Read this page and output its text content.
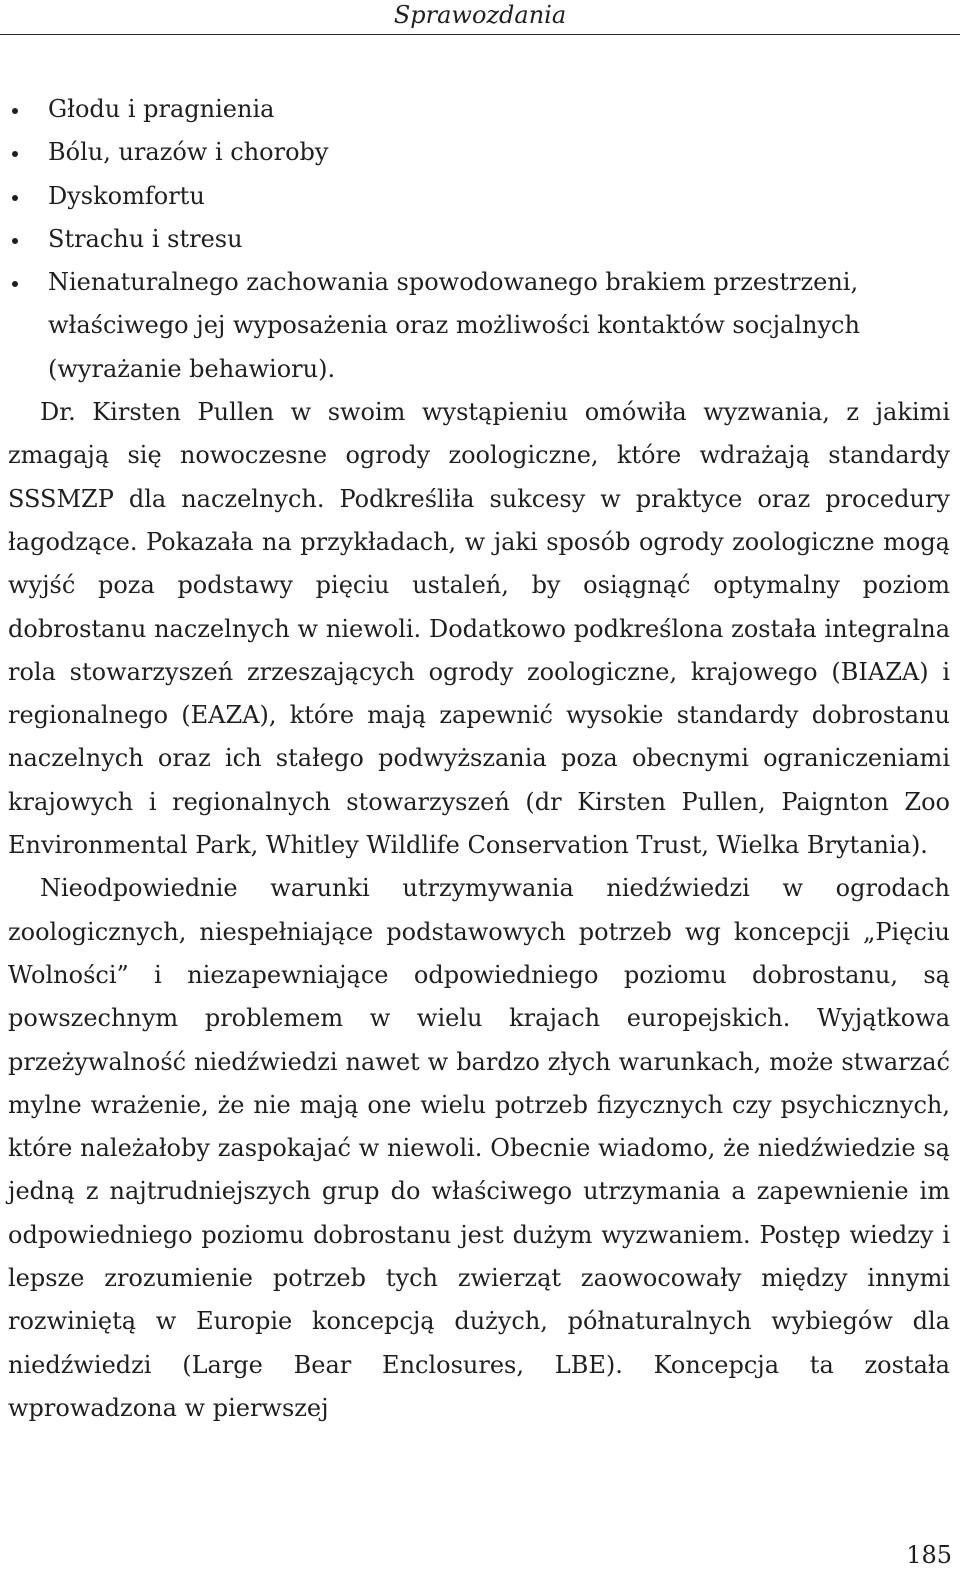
Sprawozdania
Głodu i pragnienia
Bólu, urazów i choroby
Dyskomfortu
Strachu i stresu
Nienaturalnego zachowania spowodowanego brakiem przestrzeni, właściwego jej wyposażenia oraz możliwości kontaktów socjalnych (wyrażanie behawioru).

Dr. Kirsten Pullen w swoim wystąpieniu omówiła wyzwania, z jakimi zmagają się nowoczesne ogrody zoologiczne, które wdrażają standardy SSSMZP dla naczelnych. Podkreśliła sukcesy w praktyce oraz procedury łagodzące. Pokazała na przykładach, w jaki sposób ogrody zoologiczne mogą wyjść poza podstawy pięciu ustaleń, by osiągnąć optymalny poziom dobrostanu naczelnych w niewoli. Dodatkowo podkreślona została integralna rola stowarzyszeń zrzeszających ogrody zoologiczne, krajowego (BIAZA) i regionalnego (EAZA), które mają zapewnić wysokie standardy dobrostanu naczelnych oraz ich stałego podwyższania poza obecnymi ograniczeniami krajowych i regionalnych stowarzyszeń (dr Kirsten Pullen, Paignton Zoo Environmental Park, Whitley Wildlife Conservation Trust, Wielka Brytania).

Nieodpowiednie warunki utrzymywania niedźwiedzi w ogrodach zoologicznych, niespełniające podstawowych potrzeb wg koncepcji „Pięciu Wolności” i niezapewniające odpowiedniego poziomu dobrostanu, są powszechnym problemem w wielu krajach europejskich. Wyjątkowa przeżywalność niedźwiedzi nawet w bardzo złych warunkach, może stwarzać mylne wrażenie, że nie mają one wielu potrzeb fizycznych czy psychicznych, które należałoby zaspokajać w niewoli. Obecnie wiadomo, że niedźwiedzie są jedną z najtrudniejszych grup do właściwego utrzymania a zapewnienie im odpowiedniego poziomu dobrostanu jest dużym wyzwaniem. Postęp wiedzy i lepsze zrozumienie potrzeb tych zwierząt zaowocowały między innymi rozwiniętą w Europie koncepcją dużych, półnaturalnych wybiegów dla niedźwiedzi (Large Bear Enclosures, LBE). Koncepcja ta została wprowadzona w pierwszej

185
